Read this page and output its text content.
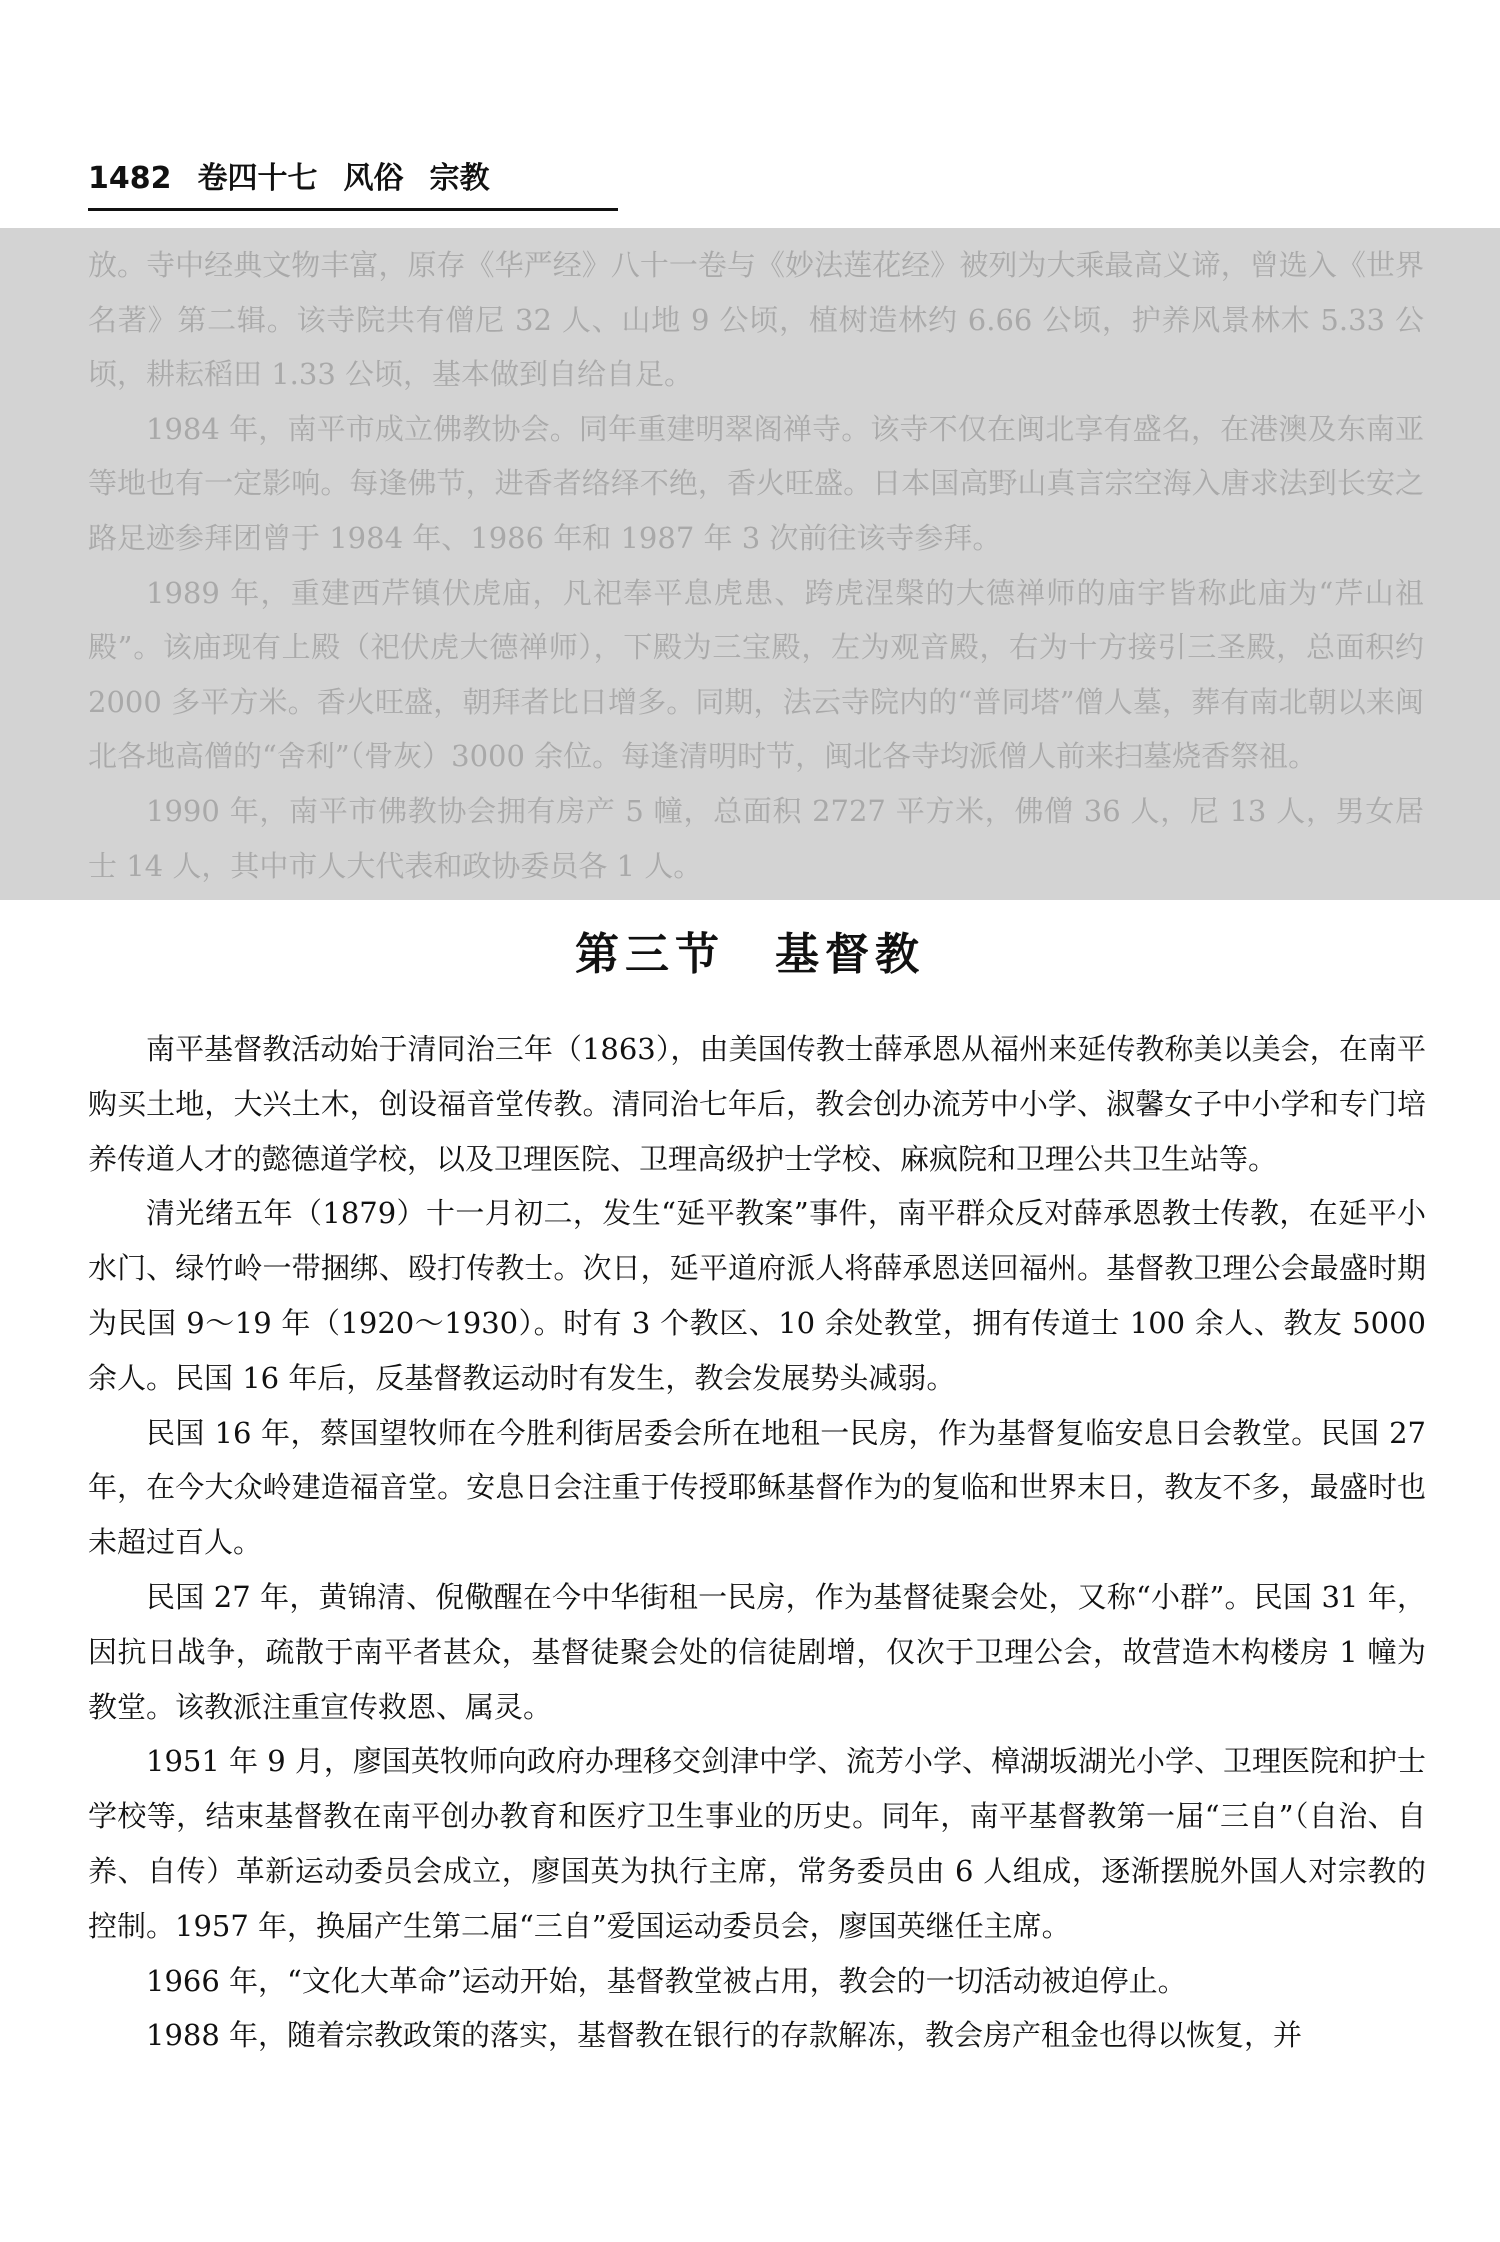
1482 卷四十七 风俗 宗教

放。寺中经典文物丰富，原存《华严经》八十一卷与《妙法莲花经》被列为大乘最高义谛，曾选入《世界名著》第二辑。该寺院共有僧尼 32 人、山地 9 公顷，植树造林约 6.66 公顷，护养风景林木 5.33 公顷，耕耘稻田 1.33 公顷，基本做到自给自足。

1984 年，南平市成立佛教协会。同年重建明翠阁禅寺。该寺不仅在闽北享有盛名，在港澳及东南亚等地也有一定影响。每逢佛节，进香者络绎不绝，香火旺盛。日本国高野山真言宗空海入唐求法到长安之路足迹参拜团曾于 1984 年、1986 年和 1987 年 3 次前往该寺参拜。

1989 年，重建西芹镇伏虎庙，凡祀奉平息虎患、跨虎涅槃的大德禅师的庙宇皆称此庙为“芹山祖殿”。该庙现有上殿（祀伏虎大德禅师），下殿为三宝殿，左为观音殿，右为十方接引三圣殿，总面积约 2000 多平方米。香火旺盛，朝拜者比日增多。同期，法云寺院内的“普同塔”僧人墓，葬有南北朝以来闽北各地高僧的“舍利”（骨灰）3000 余位。每逢清明时节，闽北各寺均派僧人前来扫墓烧香祭祖。

1990 年，南平市佛教协会拥有房产 5 幢，总面积 2727 平方米，佛僧 36 人，尼 13 人，男女居士 14 人，其中市人大代表和政协委员各 1 人。

第三节 基督教

南平基督教活动始于清同治三年（1863），由美国传教士薛承恩从福州来延传教称美以美会，在南平购买土地，大兴土木，创设福音堂传教。清同治七年后，教会创办流芳中小学、淑馨女子中小学和专门培养传道人才的懿德道学校，以及卫理医院、卫理高级护士学校、麻疯院和卫理公共卫生站等。

清光绪五年（1879）十一月初二，发生“延平教案”事件，南平群众反对薛承恩教士传教，在延平小水门、绿竹岭一带捆绑、殴打传教士。次日，延平道府派人将薛承恩送回福州。基督教卫理公会最盛时期为民国 9～19 年（1920～1930）。时有 3 个教区、10 余处教堂，拥有传道士 100 余人、教友 5000 余人。民国 16 年后，反基督教运动时有发生，教会发展势头减弱。

民国 16 年，蔡国望牧师在今胜利街居委会所在地租一民房，作为基督复临安息日会教堂。民国 27 年，在今大众岭建造福音堂。安息日会注重于传授耶稣基督作为的复临和世界末日，教友不多，最盛时也未超过百人。

民国 27 年，黄锦清、倪儆醒在今中华街租一民房，作为基督徒聚会处，又称“小群”。民国 31 年，因抗日战争，疏散于南平者甚众，基督徒聚会处的信徒剧增，仅次于卫理公会，故营造木构楼房 1 幢为教堂。该教派注重宣传救恩、属灵。

1951 年 9 月，廖国英牧师向政府办理移交剑津中学、流芳小学、樟湖坂湖光小学、卫理医院和护士学校等，结束基督教在南平创办教育和医疗卫生事业的历史。同年，南平基督教第一届“三自”（自治、自养、自传）革新运动委员会成立，廖国英为执行主席，常务委员由 6 人组成，逐渐摆脱外国人对宗教的控制。1957 年，换届产生第二届“三自”爱国运动委员会，廖国英继任主席。

1966 年，“文化大革命”运动开始，基督教堂被占用，教会的一切活动被迫停止。

1988 年，随着宗教政策的落实，基督教在银行的存款解冻，教会房产租金也得以恢复，并
